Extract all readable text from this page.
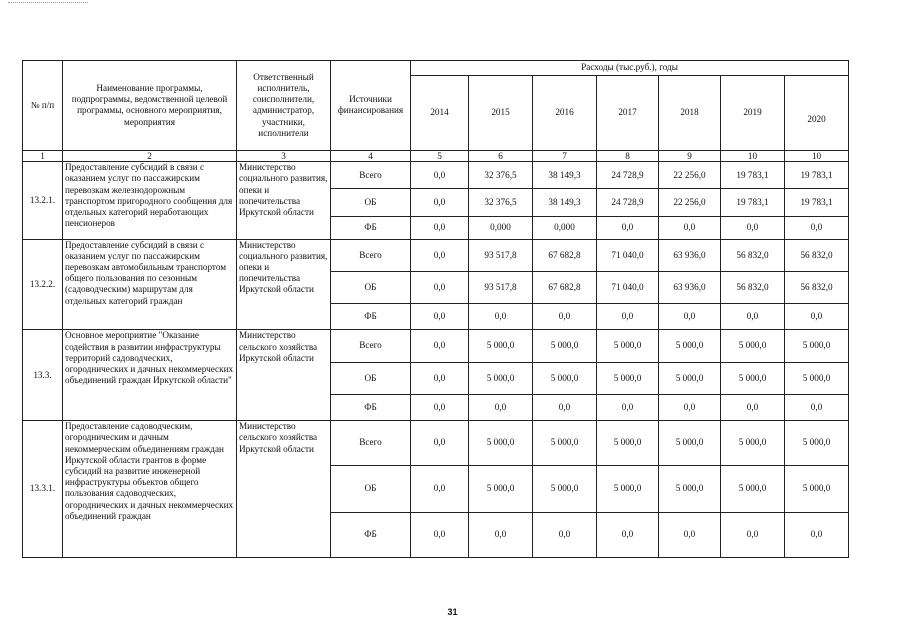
№ п/п	Наименование программы, подпрограммы, ведомственной целевой программы, основного мероприятия, мероприятия	Ответственный исполнитель, соисполнители, администратор, участники, исполнители	Источники финансирования	Расходы (тыс.руб.), годы						
				2014	2015	2016	2017	2018	2019	2020
1	2	3	4	5	6	7	8	9	10	10
13.2.1.	Предоставление субсидий в связи с оказанием услуг по пассажирским перевозкам железнодорожным транспортом пригородного сообщения для отдельных категорий неработающих пенсионеров	Министерство социального развития, опеки и попечительства Иркутской области	Всего	0,0	32 376,5	38 149,3	24 728,9	22 256,0	19 783,1	19 783,1
			ОБ	0,0	32 376,5	38 149,3	24 728,9	22 256,0	19 783,1	19 783,1
			ФБ	0,0	0,000	0,000	0,0	0,0	0,0	0,0
13.2.2.	Предоставление субсидий в связи с оказанием услуг по пассажирским перевозкам автомобильным транспортом общего пользования по сезонным (садоводческим) маршрутам для отдельных категорий граждан	Министерство социального развития, опеки и попечительства Иркутской области	Всего	0,0	93 517,8	67 682,8	71 040,0	63 936,0	56 832,0	56 832,0
			ОБ	0,0	93 517,8	67 682,8	71 040,0	63 936,0	56 832,0	56 832,0
			ФБ	0,0	0,0	0,0	0,0	0,0	0,0	0,0
13.3.	Основное мероприятие "Оказание содействия в развитии инфраструктуры территорий садоводческих, огороднических и дачных некоммерческих объединений граждан Иркутской области"	Министерство сельского хозяйства Иркутской области	Всего	0,0	5 000,0	5 000,0	5 000,0	5 000,0	5 000,0	5 000,0
			ОБ	0,0	5 000,0	5 000,0	5 000,0	5 000,0	5 000,0	5 000,0
			ФБ	0,0	0,0	0,0	0,0	0,0	0,0	0,0
13.3.1.	Предоставление садоводческим, огородническим и дачным некоммерческим объединениям граждан Иркутской области грантов в форме субсидий на развитие инженерной инфраструктуры объектов общего пользования садоводческих, огороднических и дачных некоммерческих объединений граждан	Министерство сельского хозяйства Иркутской области	Всего	0,0	5 000,0	5 000,0	5 000,0	5 000,0	5 000,0	5 000,0
			ОБ	0,0	5 000,0	5 000,0	5 000,0	5 000,0	5 000,0	5 000,0
			ФБ	0,0	0,0	0,0	0,0	0,0	0,0	0,0
31
